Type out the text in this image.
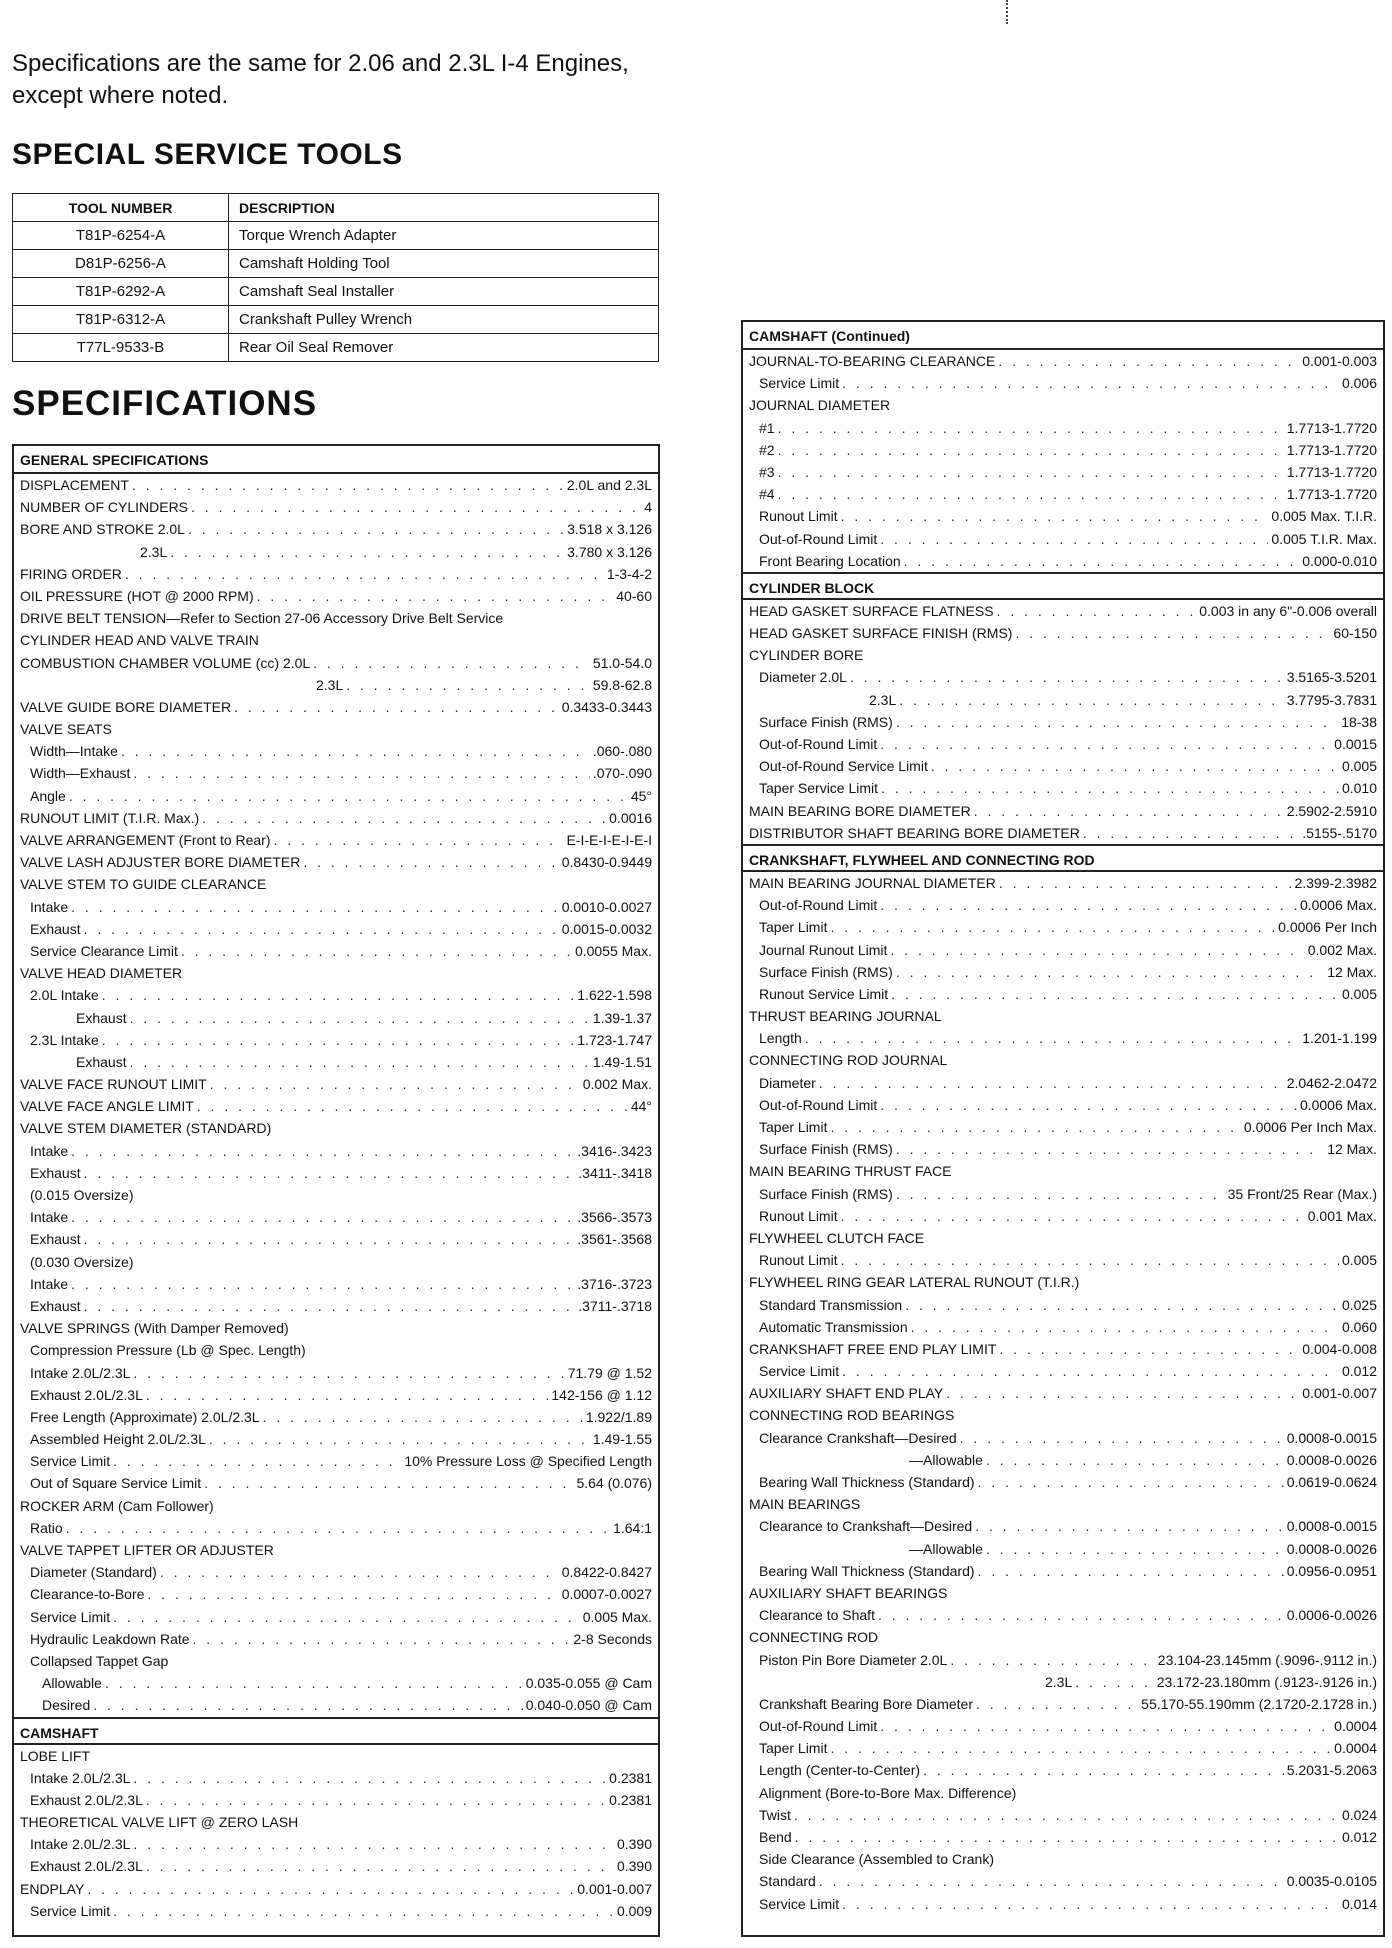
Specifications are the same for 2.06 and 2.3L I-4 Engines, except where noted.

SPECIAL SERVICE TOOLS
TOOL NUMBER	DESCRIPTION
T81P-6254-A	Torque Wrench Adapter
D81P-6256-A	Camshaft Holding Tool
T81P-6292-A	Camshaft Seal Installer
T81P-6312-A	Crankshaft Pulley Wrench
T77L-9533-B	Rear Oil Seal Remover
SPECIFICATIONS
GENERAL SPECIFICATIONS
DISPLACEMENT . . .	2.0L and 2.3L
NUMBER OF CYLINDERS . . .	4
BORE AND STROKE 2.0L . . .	3.518 x 3.126
2.3L . . .	3.780 x 3.126
FIRING ORDER . . .	1-3-4-2
OIL PRESSURE (HOT @ 2000 RPM) . . .	40-60
DRIVE BELT TENSION—Refer to Section 27-06 Accessory Drive Belt Service
CYLINDER HEAD AND VALVE TRAIN
COMBUSTION CHAMBER VOLUME (cc) 2.0L . . .	51.0-54.0
2.3L . . .	59.8-62.8
VALVE GUIDE BORE DIAMETER . . .	0.3433-0.3443
VALVE SEATS
Width—Intake . . .	.060-.080
Width—Exhaust . . .	.070-.090
Angle . . .	45°
RUNOUT LIMIT (T.I.R. Max.) . . .	0.0016
VALVE ARRANGEMENT (Front to Rear) . . .	E-I-E-I-E-I-E-I
VALVE LASH ADJUSTER BORE DIAMETER . . .	0.8430-0.9449
VALVE STEM TO GUIDE CLEARANCE
Intake . . .	0.0010-0.0027
Exhaust . . .	0.0015-0.0032
Service Clearance Limit . . .	0.0055 Max.
VALVE HEAD DIAMETER
2.0L Intake . . .	1.622-1.598
Exhaust . . .	1.39-1.37
2.3L Intake . . .	1.723-1.747
Exhaust . . .	1.49-1.51
VALVE FACE RUNOUT LIMIT . . .	0.002 Max.
VALVE FACE ANGLE LIMIT . . .	44°
VALVE STEM DIAMETER (STANDARD)
Intake . . .	.3416-.3423
Exhaust . . .	.3411-.3418
(0.015 Oversize)
Intake . . .	.3566-.3573
Exhaust . . .	.3561-.3568
(0.030 Oversize)
Intake . . .	.3716-.3723
Exhaust . . .	.3711-.3718
VALVE SPRINGS (With Damper Removed)
Compression Pressure (Lb @ Spec. Length)
Intake 2.0L/2.3L . . .	71.79 @ 1.52
Exhaust 2.0L/2.3L . . .	142-156 @ 1.12
Free Length (Approximate) 2.0L/2.3L . . .	1.922/1.89
Assembled Height 2.0L/2.3L . . .	1.49-1.55
Service Limit . . .	10% Pressure Loss @ Specified Length
Out of Square Service Limit . . .	5.64 (0.076)
ROCKER ARM (Cam Follower)
Ratio . . .	1.64:1
VALVE TAPPET LIFTER OR ADJUSTER
Diameter (Standard) . . .	0.8422-0.8427
Clearance-to-Bore . . .	0.0007-0.0027
Service Limit . . .	0.005 Max.
Hydraulic Leakdown Rate . . .	2-8 Seconds
Collapsed Tappet Gap
Allowable . . .	0.035-0.055 @ Cam
Desired . . .	0.040-0.050 @ Cam
CAMSHAFT
LOBE LIFT
Intake 2.0L/2.3L . . .	0.2381
Exhaust 2.0L/2.3L . . .	0.2381
THEORETICAL VALVE LIFT @ ZERO LASH
Intake 2.0L/2.3L . . .	0.390
Exhaust 2.0L/2.3L . . .	0.390
ENDPLAY . . .	0.001-0.007
Service Limit . . .	0.009
CAMSHAFT (Continued)
JOURNAL-TO-BEARING CLEARANCE . . .	0.001-0.003
Service Limit . . .	0.006
JOURNAL DIAMETER
#1 . . .	1.7713-1.7720
#2 . . .	1.7713-1.7720
#3 . . .	1.7713-1.7720
#4 . . .	1.7713-1.7720
Runout Limit . . .	0.005 Max. T.I.R.
Out-of-Round Limit . . .	0.005 T.I.R. Max.
Front Bearing Location . . .	0.000-0.010
CYLINDER BLOCK
HEAD GASKET SURFACE FLATNESS . . .	0.003 in any 6"-0.006 overall
HEAD GASKET SURFACE FINISH (RMS) . . .	60-150
CYLINDER BORE
Diameter 2.0L . . .	3.5165-3.5201
2.3L . . .	3.7795-3.7831
Surface Finish (RMS) . . .	18-38
Out-of-Round Limit . . .	0.0015
Out-of-Round Service Limit . . .	0.005
Taper Service Limit . . .	0.010
MAIN BEARING BORE DIAMETER . . .	2.5902-2.5910
DISTRIBUTOR SHAFT BEARING BORE DIAMETER . . .	.5155-.5170
CRANKSHAFT, FLYWHEEL AND CONNECTING ROD
MAIN BEARING JOURNAL DIAMETER . . .	2.399-2.3982
Out-of-Round Limit . . .	0.0006 Max.
Taper Limit . . .	0.0006 Per Inch
Journal Runout Limit . . .	0.002 Max.
Surface Finish (RMS) . . .	12 Max.
Runout Service Limit . . .	0.005
THRUST BEARING JOURNAL
Length . . .	1.201-1.199
CONNECTING ROD JOURNAL
Diameter . . .	2.0462-2.0472
Out-of-Round Limit . . .	0.0006 Max.
Taper Limit . . .	0.0006 Per Inch Max.
Surface Finish (RMS) . . .	12 Max.
MAIN BEARING THRUST FACE
Surface Finish (RMS) . . .	35 Front/25 Rear (Max.)
Runout Limit . . .	0.001 Max.
FLYWHEEL CLUTCH FACE
Runout Limit . . .	0.005
FLYWHEEL RING GEAR LATERAL RUNOUT (T.I.R.)
Standard Transmission . . .	0.025
Automatic Transmission . . .	0.060
CRANKSHAFT FREE END PLAY LIMIT . . .	0.004-0.008
Service Limit . . .	0.012
AUXILIARY SHAFT END PLAY . . .	0.001-0.007
CONNECTING ROD BEARINGS
Clearance Crankshaft—Desired . . .	0.0008-0.0015
—Allowable . . .	0.0008-0.0026
Bearing Wall Thickness (Standard) . . .	0.0619-0.0624
MAIN BEARINGS
Clearance to Crankshaft—Desired . . .	0.0008-0.0015
—Allowable . . .	0.0008-0.0026
Bearing Wall Thickness (Standard) . . .	0.0956-0.0951
AUXILIARY SHAFT BEARINGS
Clearance to Shaft . . .	0.0006-0.0026
CONNECTING ROD
Piston Pin Bore Diameter 2.0L . . .	23.104-23.145mm (.9096-.9112 in.)
2.3L . . .	23.172-23.180mm (.9123-.9126 in.)
Crankshaft Bearing Bore Diameter . . .	55.170-55.190mm (2.1720-2.1728 in.)
Out-of-Round Limit . . .	0.0004
Taper Limit . . .	0.0004
Length (Center-to-Center) . . .	5.2031-5.2063
Alignment (Bore-to-Bore Max. Difference)
Twist . . .	0.024
Bend . . .	0.012
Side Clearance (Assembled to Crank)
Standard . . .	0.0035-0.0105
Service Limit . . .	0.014
